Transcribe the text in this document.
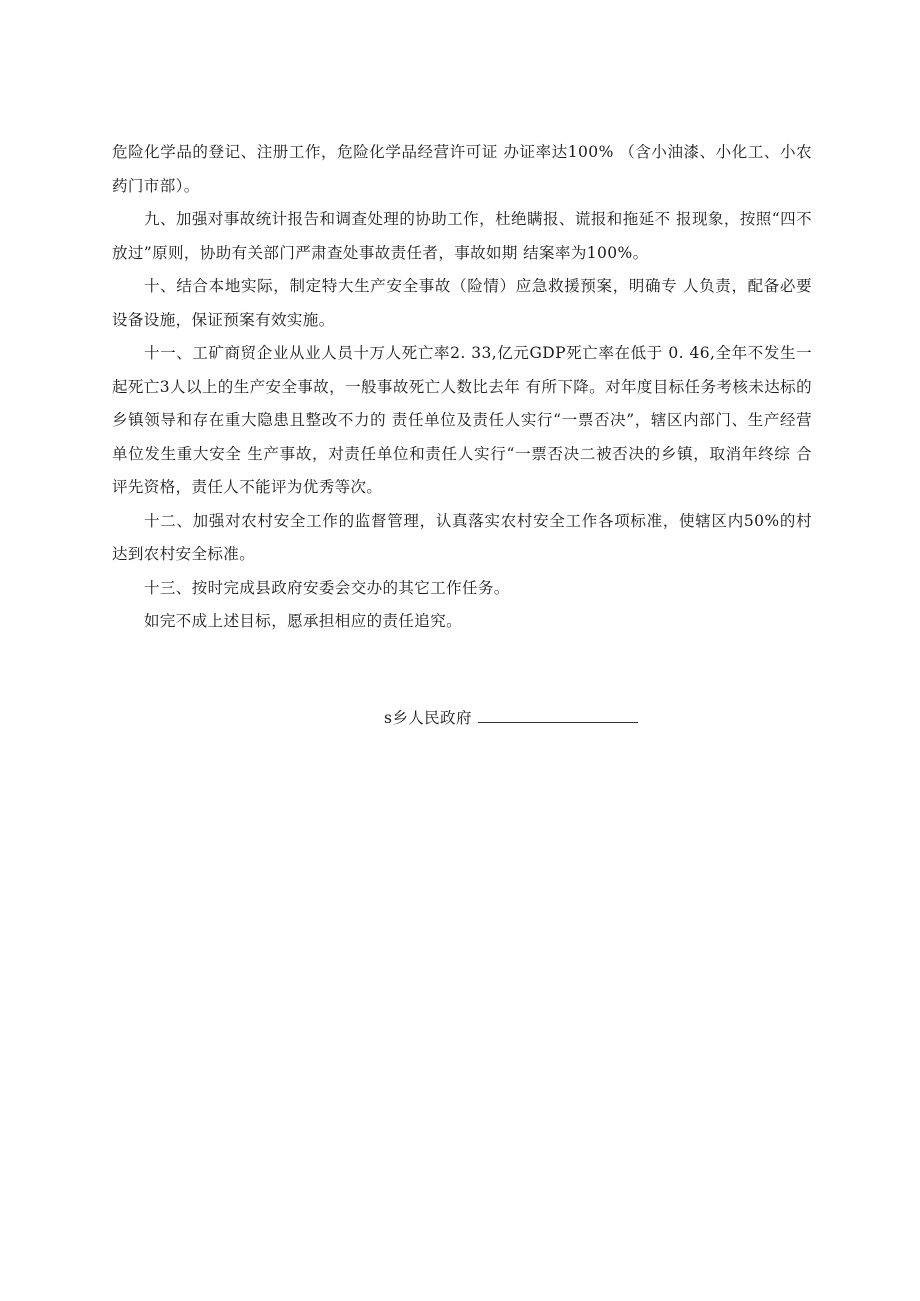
危险化学品的登记、注册工作，危险化学品经营许可证 办证率达100% （含小油漆、小化工、小农药门市部）。

九、加强对事故统计报告和调查处理的协助工作，杜绝瞒报、谎报和拖延不 报现象，按照“四不放过”原则，协助有关部门严肃查处事故责任者，事故如期 结案率为100%。

十、结合本地实际，制定特大生产安全事故（险情）应急救援预案，明确专 人负责，配备必要设备设施，保证预案有效实施。

十一、工矿商贸企业从业人员十万人死亡率2. 33,亿元GDP死亡率在低于 0. 46,全年不发生一起死亡3人以上的生产安全事故，一般事故死亡人数比去年 有所下降。对年度目标任务考核未达标的乡镇领导和存在重大隐患且整改不力的 责任单位及责任人实行“一票否决”，辖区内部门、生产经营单位发生重大安全 生产事故，对责任单位和责任人实行“一票否决二被否决的乡镇，取消年终综 合评先资格，责任人不能评为优秀等次。

十二、加强对农村安全工作的监督管理，认真落实农村安全工作各项标准，使辖区内50%的村达到农村安全标准。

十三、按时完成县政府安委会交办的其它工作任务。

如完不成上述目标，愿承担相应的责任追究。

s乡人民政府
